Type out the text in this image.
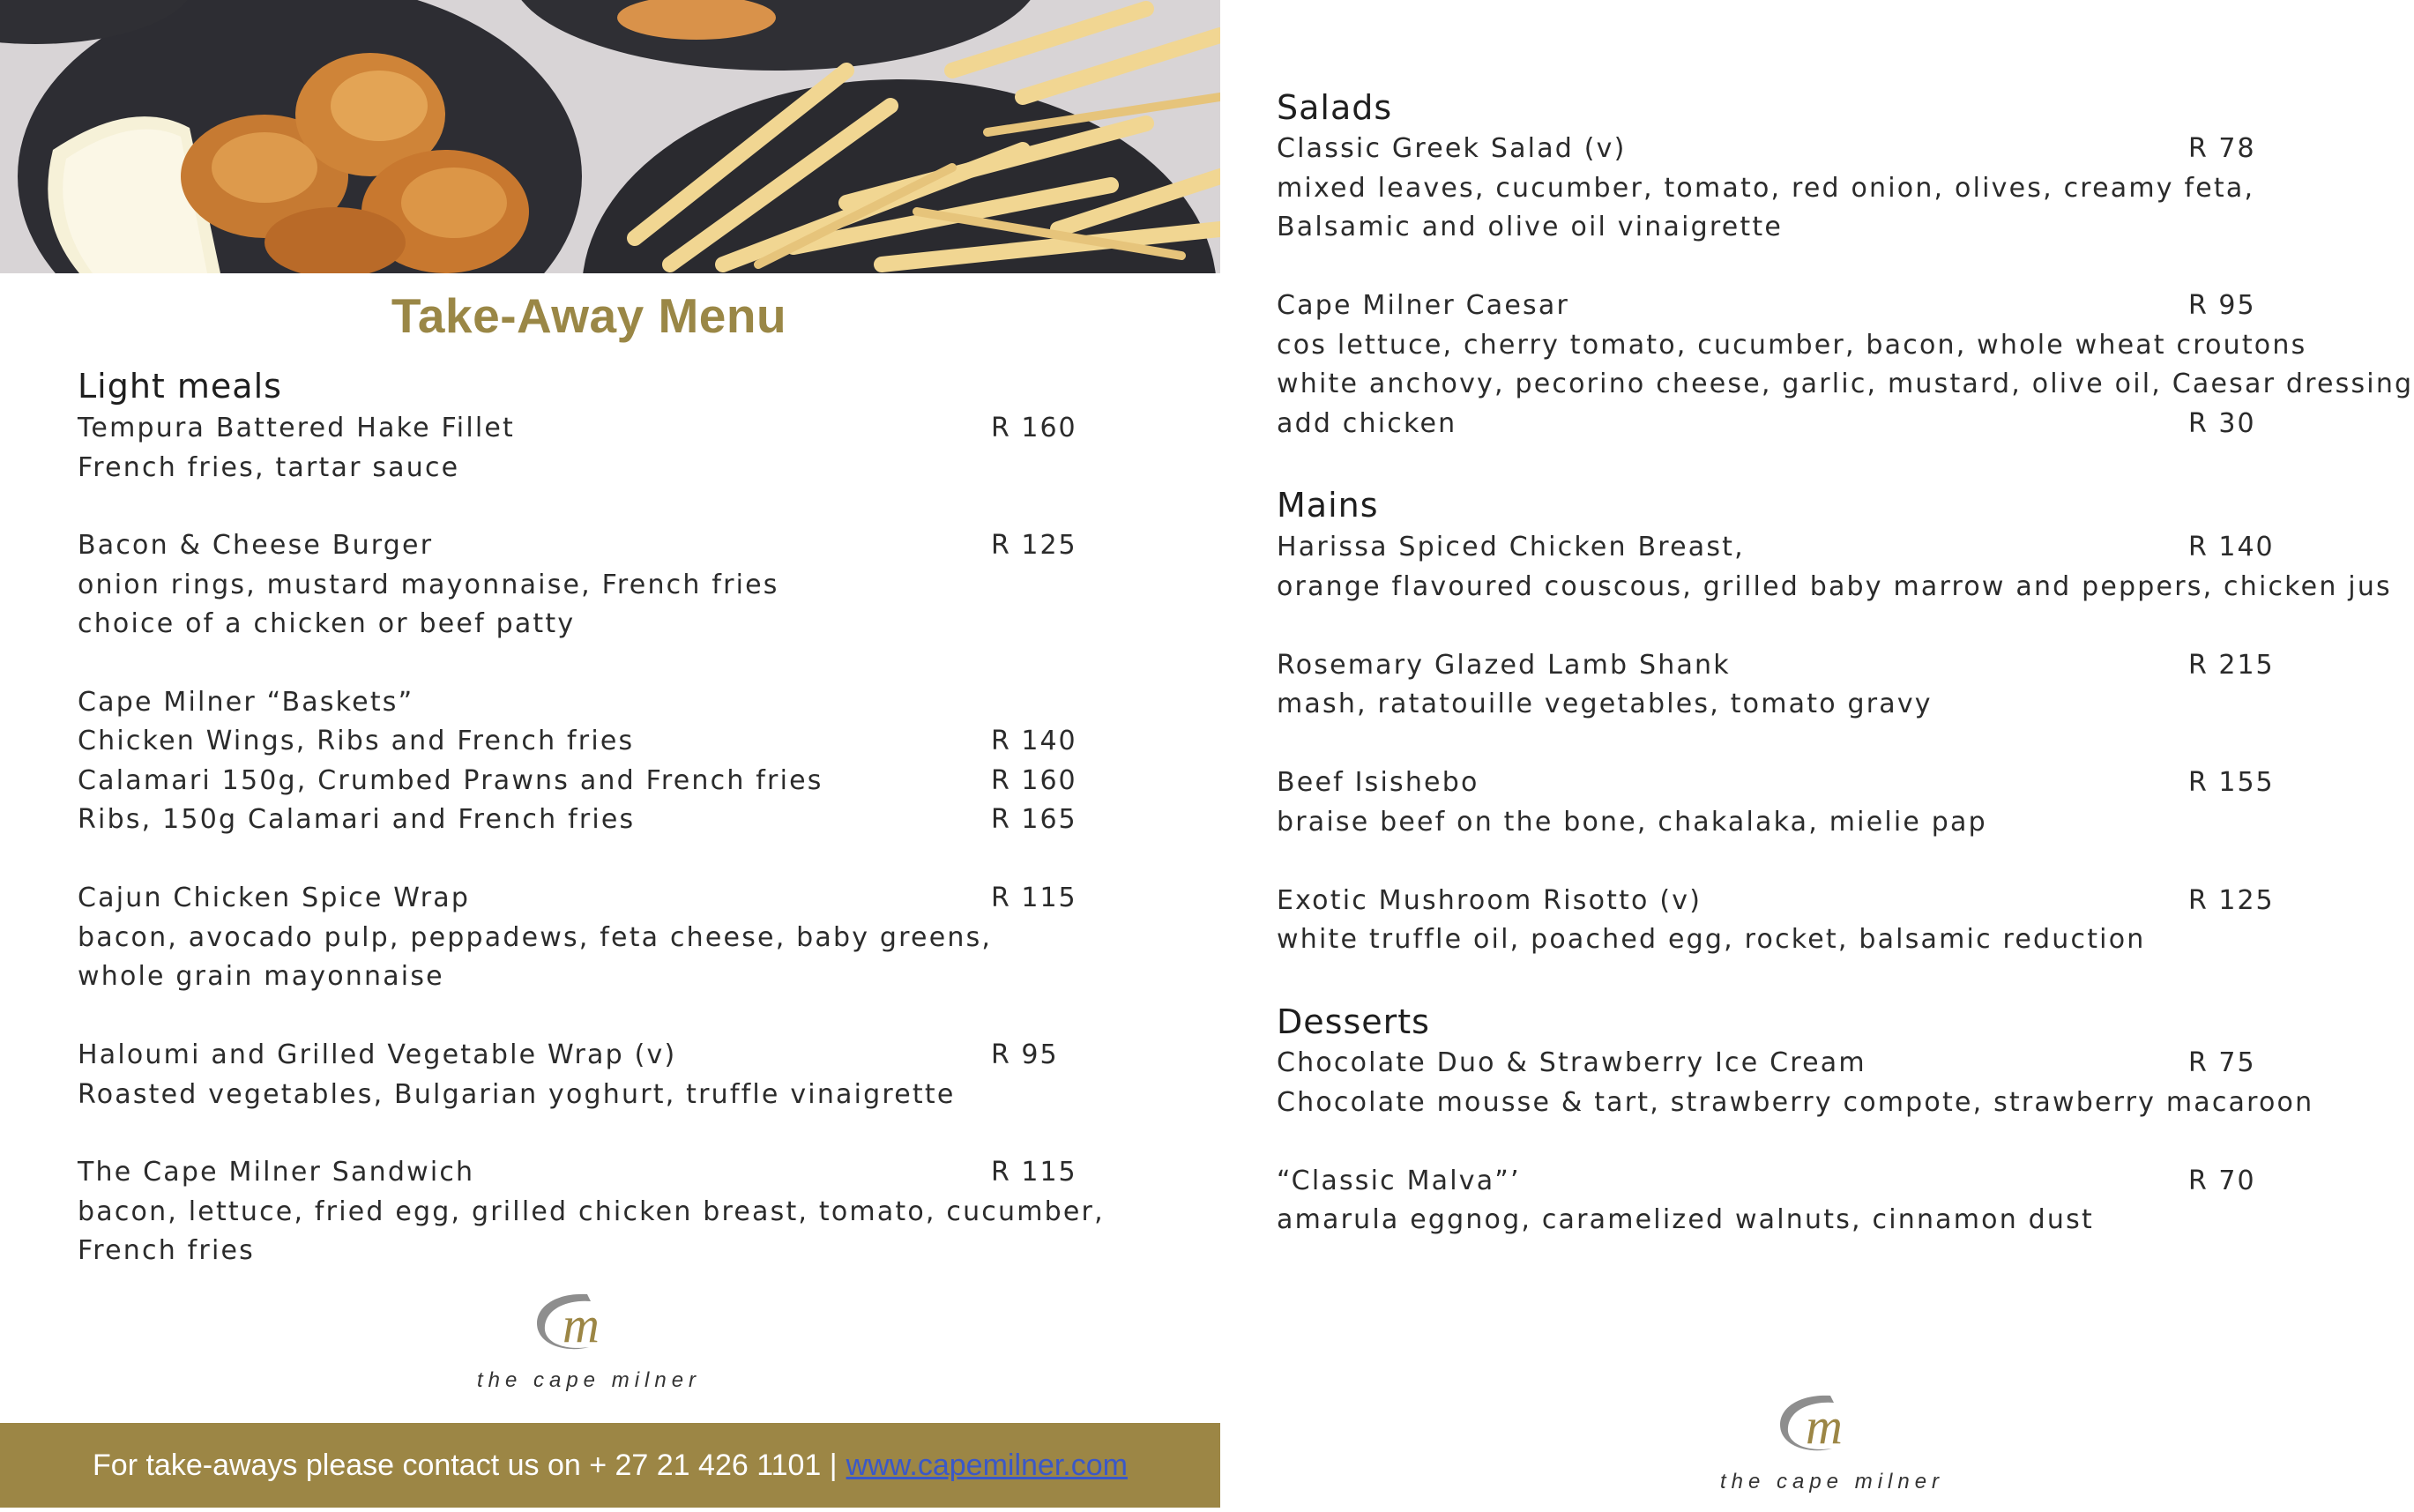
Take-Away Menu
Light meals
Tempura Battered Hake Fillet	R 160
French fries, tartar sauce
Bacon & Cheese Burger	R 125
onion rings, mustard mayonnaise, French fries
choice of a chicken or beef patty
Cape Milner “Baskets”
Chicken Wings, Ribs and French fries	R 140
Calamari 150g, Crumbed Prawns and French fries	R 160
Ribs, 150g Calamari and French fries	R 165
Cajun Chicken Spice Wrap	R 115
bacon, avocado pulp, peppadews, feta cheese, baby greens,
whole grain mayonnaise
Haloumi and Grilled Vegetable Wrap (v)	R 95
Roasted vegetables, Bulgarian yoghurt, truffle vinaigrette
The Cape Milner Sandwich	R 115
bacon, lettuce, fried egg, grilled chicken breast, tomato, cucumber,
French fries
m
the cape milner
For take-aways please contact us on + 27 21 426 1101 | www.capemilner.com
Salads
Classic Greek Salad (v)	R 78
mixed leaves, cucumber, tomato, red onion, olives, creamy feta,
Balsamic and olive oil vinaigrette
Cape Milner Caesar	R 95
cos lettuce, cherry tomato, cucumber, bacon, whole wheat croutons
white anchovy, pecorino cheese, garlic, mustard, olive oil, Caesar dressing
add chicken	R 30
Mains
Harissa Spiced Chicken Breast,	R 140
orange flavoured couscous, grilled baby marrow and peppers, chicken jus
Rosemary Glazed Lamb Shank	R 215
mash, ratatouille vegetables, tomato gravy
Beef Isishebo	R 155
braise beef on the bone, chakalaka, mielie pap
Exotic Mushroom Risotto (v)	R 125
white truffle oil, poached egg, rocket, balsamic reduction
Desserts
Chocolate Duo & Strawberry Ice Cream	R 75
Chocolate mousse & tart, strawberry compote, strawberry macaroon
“Classic Malva”’	R 70
amarula eggnog, caramelized walnuts, cinnamon dust
m
the cape milner
